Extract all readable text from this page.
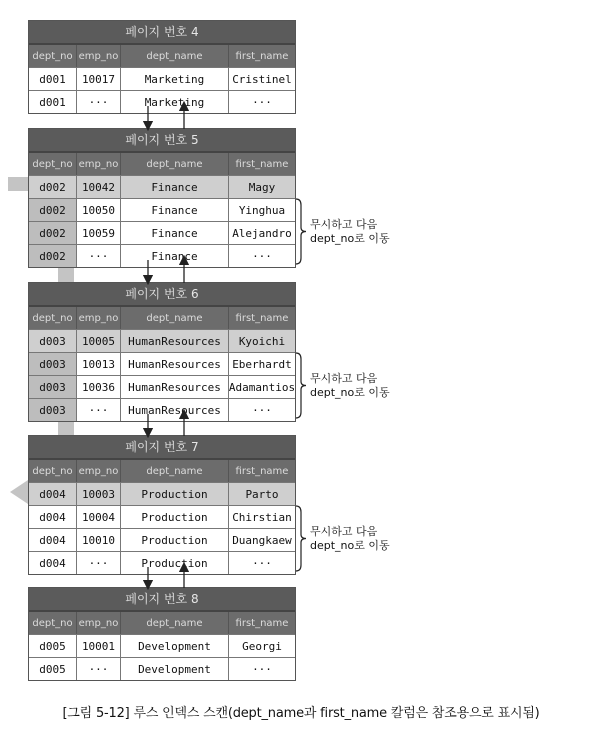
페이지 번호 4
dept_no emp_no	dept_name	first_name
d001	10017	Marketing	Cristinel
d001	···	Marketing	···
페이지 번호 5
dept_no emp_no	dept_name	first_name
d002	10042	Finance	Magy
d002	10050	Finance	Yinghua
d002	10059	Finance	Alejandro
d002	···	Finance	···
페이지 번호 6
dept_no emp_no	dept_name	first_name
d003	10005	HumanResources	Kyoichi
d003	10013	HumanResources	Eberhardt
d003	10036	HumanResources Adamantios
d003	···	HumanResources	···
페이지 번호 7
dept_no emp_no	dept_name	first_name
d004	10003	Production	Parto
d004	10004	Production	Chirstian
d004	10010	Production	Duangkaew
d004	···	Production	···
페이지 번호 8
dept_no emp_no	dept_name	first_name
d005	10001	Development	Georgi
d005	···	Development	···
무시하고 다음
dept_no로 이동
무시하고 다음
dept_no로 이동
무시하고 다음
dept_no로 이동
[그림 5-12] 루스 인덱스 스캔(dept_name과 first_name 칼럼은 참조용으로 표시됨)
